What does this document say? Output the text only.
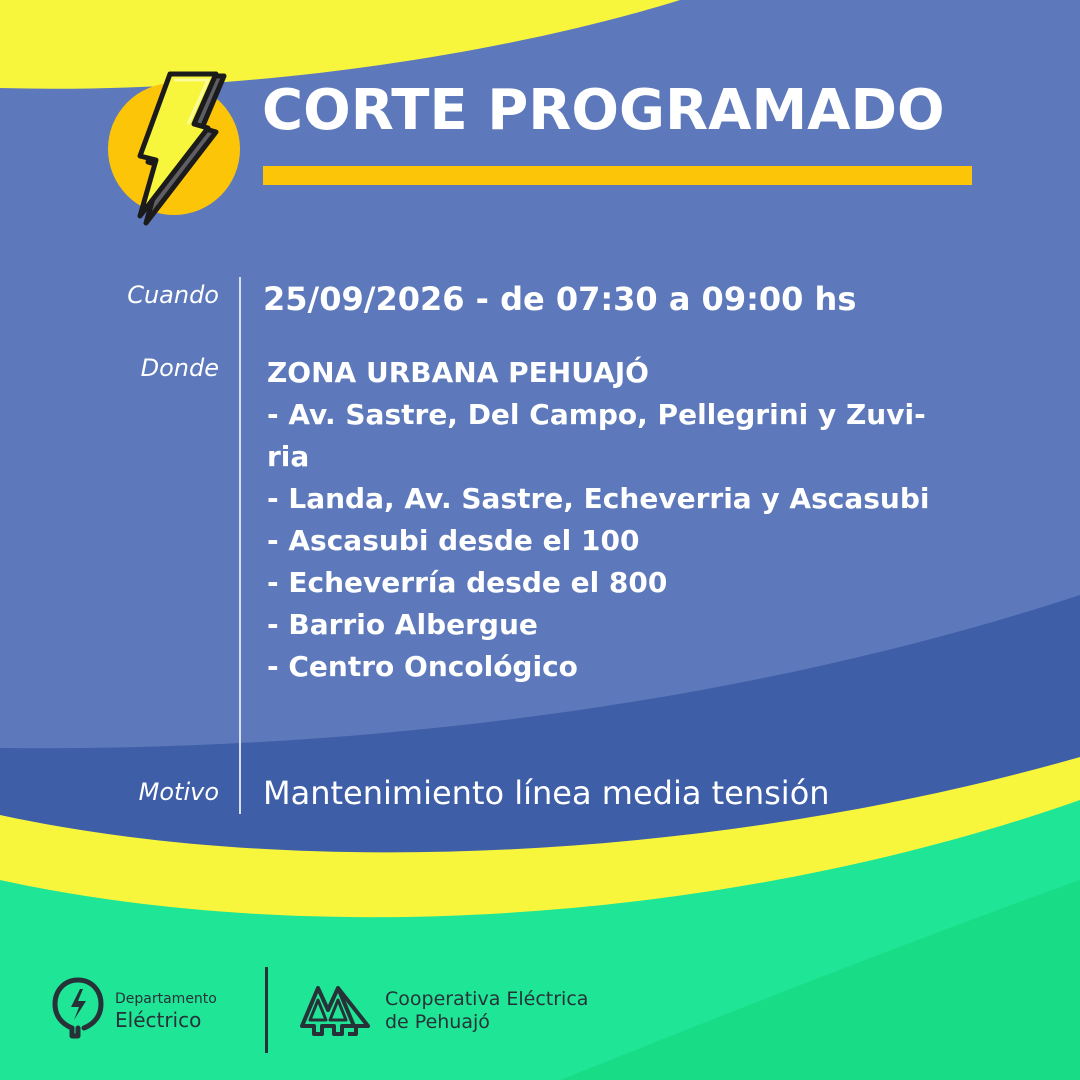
CORTE PROGRAMADO
Cuando 25/09/2026 - de 07:30 a 09:00 hs
Donde ZONA URBANA PEHUAJÓ
- Av. Sastre, Del Campo, Pellegrini y Zuvi-
ria
- Landa, Av. Sastre, Echeverria y Ascasubi
- Ascasubi desde el 100
- Echeverría desde el 800
- Barrio Albergue
- Centro Oncológico
Motivo Mantenimiento línea media tensión
Departamento
Eléctrico
Cooperativa Eléctrica
de Pehuajó
